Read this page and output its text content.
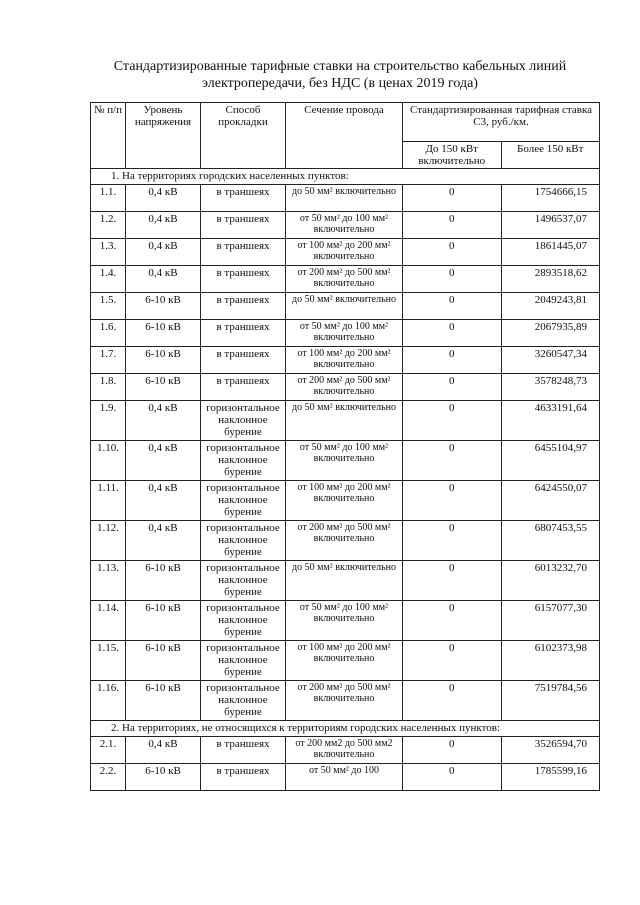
Стандартизированные тарифные ставки на строительство кабельных линий электропередачи, без НДС (в ценах 2019 года)
№ п/п	Уровень напряжения	Способ прокладки	Сечение провода	Стандартизированная тарифная ставка С3, руб./км.	
				До 150 кВт включительно	Более 150 кВт
1. На территориях городских населенных пунктов:					
1.1.	0,4 кВ	в траншеях	до 50 мм² включительно	0	1754666,15
1.2.	0,4 кВ	в траншеях	от 50 мм² до 100 мм² включительно	0	1496537,07
1.3.	0,4 кВ	в траншеях	от 100 мм² до 200 мм² включительно	0	1861445,07
1.4.	0,4 кВ	в траншеях	от 200 мм² до 500 мм² включительно	0	2893518,62
1.5.	6-10 кВ	в траншеях	до 50 мм² включительно	0	2049243,81
1.6.	6-10 кВ	в траншеях	от 50 мм² до 100 мм² включительно	0	2067935,89
1.7.	6-10 кВ	в траншеях	от 100 мм² до 200 мм² включительно	0	3260547,34
1.8.	6-10 кВ	в траншеях	от 200 мм² до 500 мм² включительно	0	3578248,73
1.9.	0,4 кВ	горизонтальное наклонное бурение	до 50 мм² включительно	0	4633191,64
1.10.	0,4 кВ	горизонтальное наклонное бурение	от 50 мм² до 100 мм² включительно	0	6455104,97
1.11.	0,4 кВ	горизонтальное наклонное бурение	от 100 мм² до 200 мм² включительно	0	6424550,07
1.12.	0,4 кВ	горизонтальное наклонное бурение	от 200 мм² до 500 мм² включительно	0	6807453,55
1.13.	6-10 кВ	горизонтальное наклонное бурение	до 50 мм² включительно	0	6013232,70
1.14.	6-10 кВ	горизонтальное наклонное бурение	от 50 мм² до 100 мм² включительно	0	6157077,30
1.15.	6-10 кВ	горизонтальное наклонное бурение	от 100 мм² до 200 мм² включительно	0	6102373,98
1.16.	6-10 кВ	горизонтальное наклонное бурение	от 200 мм² до 500 мм² включительно	0	7519784,56
2. На территориях, не относящихся к территориям городских населенных пунктов:					
2.1.	0,4 кВ	в траншеях	от 200 мм2 до 500 мм2 включительно	0	3526594,70
2.2.	6-10 кВ	в траншеях	от 50 мм² до 100	0	1785599,16
